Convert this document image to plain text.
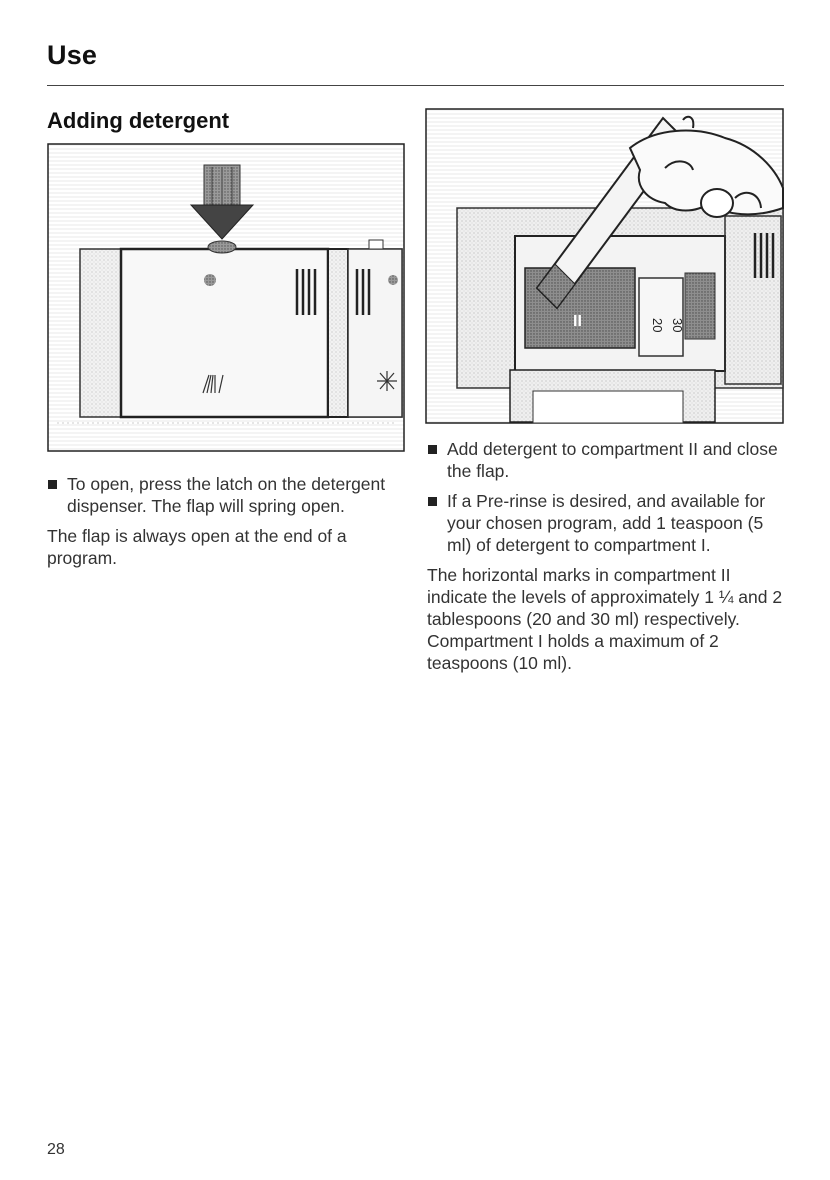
Use
Adding detergent
20 30
II
To open, press the latch on the detergent dispenser. The flap will spring open.

The flap is always open at the end of a program.

Add detergent to compartment II and close the flap.
If a Pre-rinse is desired, and available for your chosen program, add 1 teaspoon (5 ml) of detergent to compartment I.

The horizontal marks in compartment II indicate the levels of approximately 1 ¼ and 2 tablespoons (20 and 30 ml) respectively. Compartment I holds a maximum of 2 teaspoons (10 ml).

28
